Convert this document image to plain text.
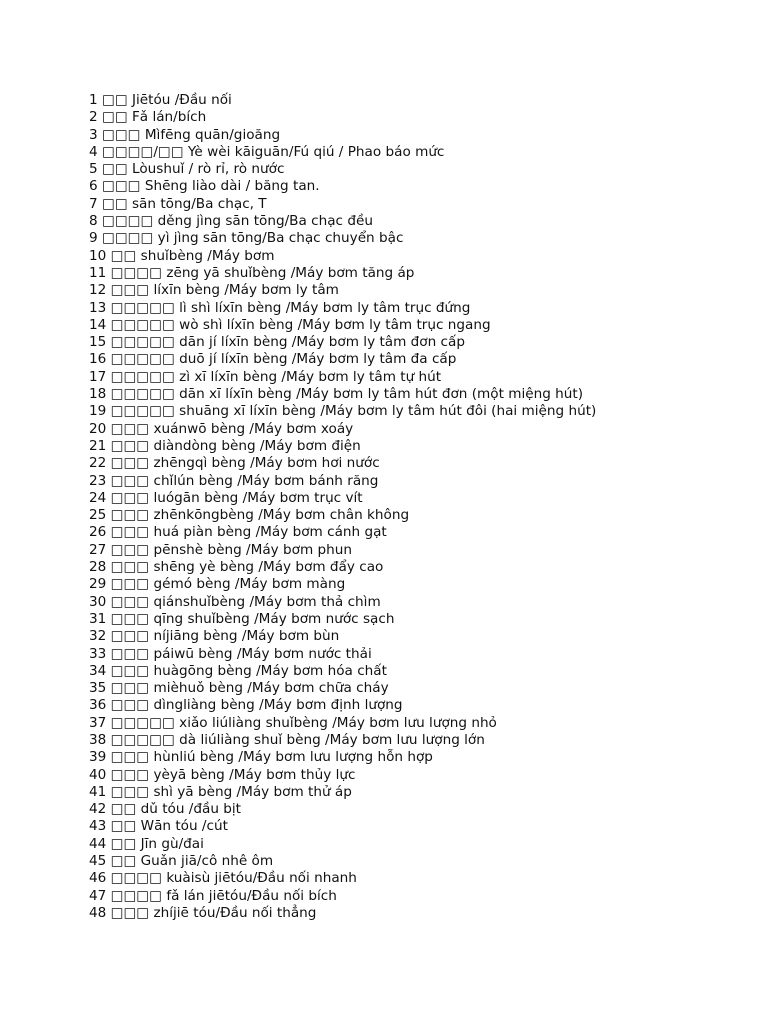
1 □□ Jiētóu /Đầu nối
2 □□ Fǎ lán/bích
3 □□□ Mìfēng quān/gioăng
4 □□□□/□□ Yè wèi kāiguān/Fú qiú / Phao báo mức
5 □□ Lòushuǐ / rò rỉ, rò nước
6 □□□ Shēng liào dài / băng tan.
7 □□ sān tōng/Ba chạc, T
8 □□□□ děng jìng sān tōng/Ba chạc đều
9 □□□□ yì jìng sān tōng/Ba chạc chuyển bậc
10 □□ shuǐbèng /Máy bơm
11 □□□□ zēng yā shuǐbèng /Máy bơm tăng áp
12 □□□ líxīn bèng /Máy bơm ly tâm
13 □□□□□ lì shì líxīn bèng /Máy bơm ly tâm trục đứng
14 □□□□□ wò shì líxīn bèng /Máy bơm ly tâm trục ngang
15 □□□□□ dān jí líxīn bèng /Máy bơm ly tâm đơn cấp
16 □□□□□ duō jí líxīn bèng /Máy bơm ly tâm đa cấp
17 □□□□□ zì xī líxīn bèng /Máy bơm ly tâm tự hút
18 □□□□□ dān xī líxīn bèng /Máy bơm ly tâm hút đơn (một miệng hút)
19 □□□□□ shuāng xī líxīn bèng /Máy bơm ly tâm hút đôi (hai miệng hút)
20 □□□ xuánwō bèng /Máy bơm xoáy
21 □□□ diàndòng bèng /Máy bơm điện
22 □□□ zhēngqì bèng /Máy bơm hơi nước
23 □□□ chǐlún bèng /Máy bơm bánh răng
24 □□□ luógān bèng /Máy bơm trục vít
25 □□□ zhēnkōngbèng /Máy bơm chân không
26 □□□ huá piàn bèng /Máy bơm cánh gạt
27 □□□ pēnshè bèng /Máy bơm phun
28 □□□ shēng yè bèng /Máy bơm đẩy cao
29 □□□ gémó bèng /Máy bơm màng
30 □□□ qiánshuǐbèng /Máy bơm thả chìm
31 □□□ qīng shuǐbèng /Máy bơm nước sạch
32 □□□ níjiāng bèng /Máy bơm bùn
33 □□□ páiwū bèng /Máy bơm nước thải
34 □□□ huàgōng bèng /Máy bơm hóa chất
35 □□□ mièhuǒ bèng /Máy bơm chữa cháy
36 □□□ dìngliàng bèng /Máy bơm định lượng
37 □□□□□ xiǎo liúliàng shuǐbèng /Máy bơm lưu lượng nhỏ
38 □□□□□ dà liúliàng shuǐ bèng /Máy bơm lưu lượng lớn
39 □□□ hùnliú bèng /Máy bơm lưu lượng hỗn hợp
40 □□□ yèyā bèng /Máy bơm thủy lực
41 □□□ shì yā bèng /Máy bơm thử áp
42 □□ dǔ tóu /đầu bịt
43 □□ Wān tóu /cút
44 □□ Jīn gù/đai
45 □□ Guǎn jiā/cô nhê ôm
46 □□□□ kuàisù jiētóu/Đầu nối nhanh
47 □□□□ fǎ lán jiētóu/Đầu nối bích
48 □□□ zhíjiē tóu/Đầu nối thẳng
